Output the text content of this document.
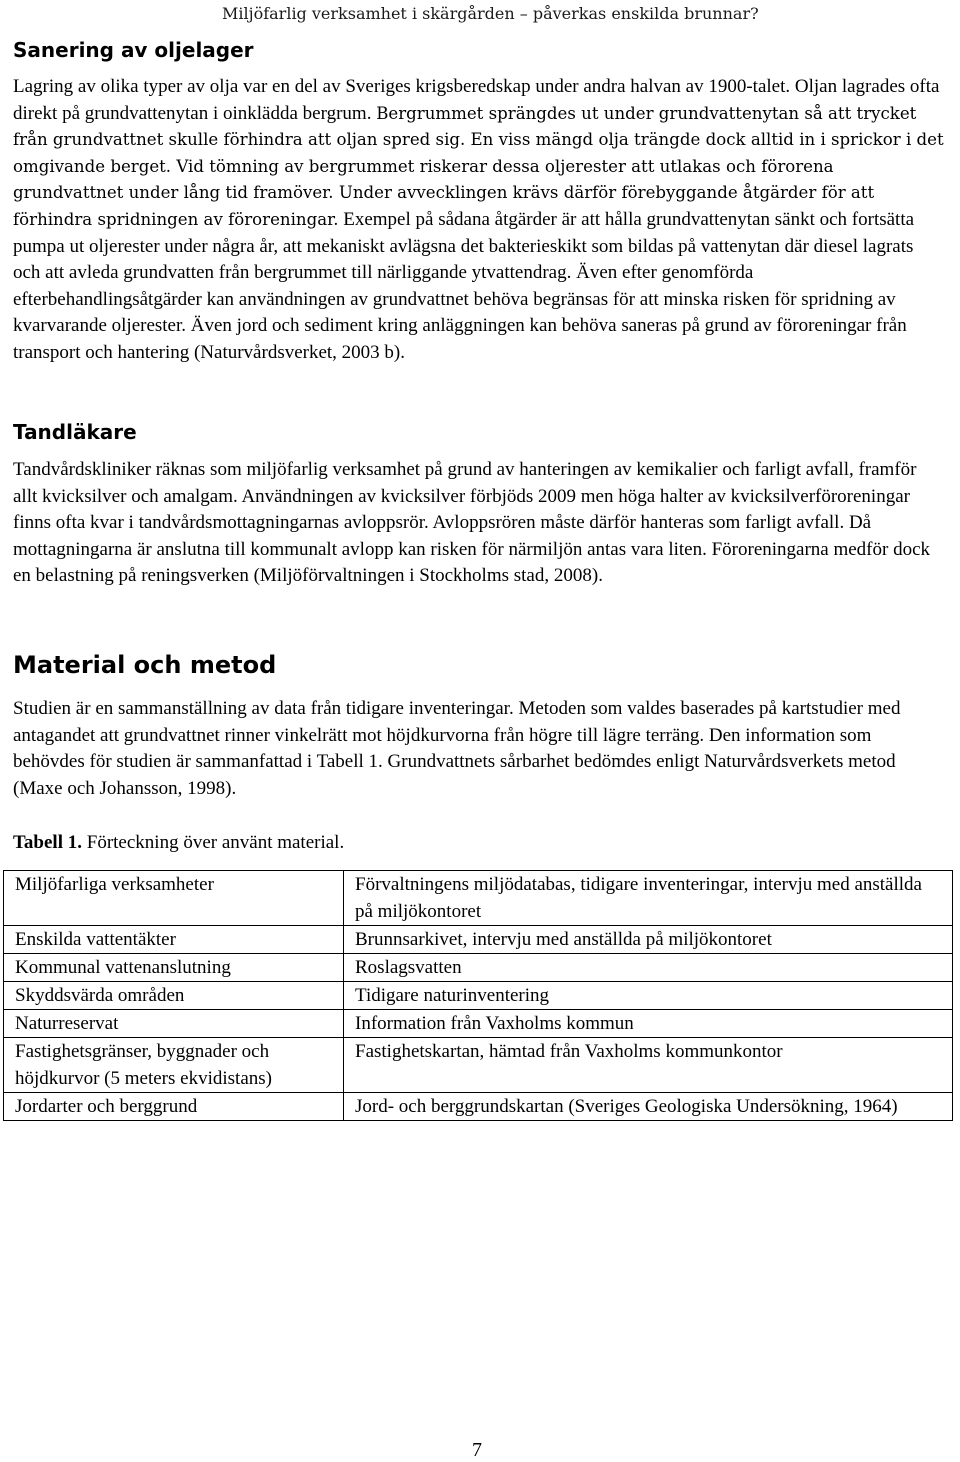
Miljöfarlig verksamhet i skärgården – påverkas enskilda brunnar?
Sanering av oljelager
Lagring av olika typer av olja var en del av Sveriges krigsberedskap under andra halvan av 1900-talet. Oljan lagrades ofta direkt på grundvattenytan i oinklädda bergrum. Bergrummet sprängdes ut under grundvattenytan så att trycket från grundvattnet skulle förhindra att oljan spred sig. En viss mängd olja trängde dock alltid in i sprickor i det omgivande berget. Vid tömning av bergrummet riskerar dessa oljerester att utlakas och förorena grundvattnet under lång tid framöver. Under avvecklingen krävs därför förebyggande åtgärder för att förhindra spridningen av föroreningar. Exempel på sådana åtgärder är att hålla grundvattenytan sänkt och fortsätta pumpa ut oljerester under några år, att mekaniskt avlägsna det bakterieskikt som bildas på vattenytan där diesel lagrats och att avleda grundvatten från bergrummet till närliggande ytvattendrag. Även efter genomförda efterbehandlingsåtgärder kan användningen av grundvattnet behöva begränsas för att minska risken för spridning av kvarvarande oljerester. Även jord och sediment kring anläggningen kan behöva saneras på grund av föroreningar från transport och hantering (Naturvårdsverket, 2003 b).
Tandläkare
Tandvårdskliniker räknas som miljöfarlig verksamhet på grund av hanteringen av kemikalier och farligt avfall, framför allt kvicksilver och amalgam. Användningen av kvicksilver förbjöds 2009 men höga halter av kvicksilverföroreningar finns ofta kvar i tandvårdsmottagningarnas avloppsrör. Avloppsrören måste därför hanteras som farligt avfall. Då mottagningarna är anslutna till kommunalt avlopp kan risken för närmiljön antas vara liten. Föroreningarna medför dock en belastning på reningsverken (Miljöförvaltningen i Stockholms stad, 2008).
Material och metod
Studien är en sammanställning av data från tidigare inventeringar. Metoden som valdes baserades på kartstudier med antagandet att grundvattnet rinner vinkelrätt mot höjdkurvorna från högre till lägre terräng. Den information som behövdes för studien är sammanfattad i Tabell 1. Grundvattnets sårbarhet bedömdes enligt Naturvårdsverkets metod (Maxe och Johansson, 1998).
Tabell 1. Förteckning över använt material.
Miljöfarliga verksamheter	Förvaltningens miljödatabas, tidigare inventeringar, intervju med anställda på miljökontoret
Enskilda vattentäkter	Brunnsarkivet, intervju med anställda på miljökontoret
Kommunal vattenanslutning	Roslagsvatten
Skyddsvärda områden	Tidigare naturinventering
Naturreservat	Information från Vaxholms kommun
Fastighetsgränser, byggnader och höjdkurvor (5 meters ekvidistans)	Fastighetskartan, hämtad från Vaxholms kommunkontor
Jordarter och berggrund	Jord- och berggrundskartan (Sveriges Geologiska Undersökning, 1964)
7
